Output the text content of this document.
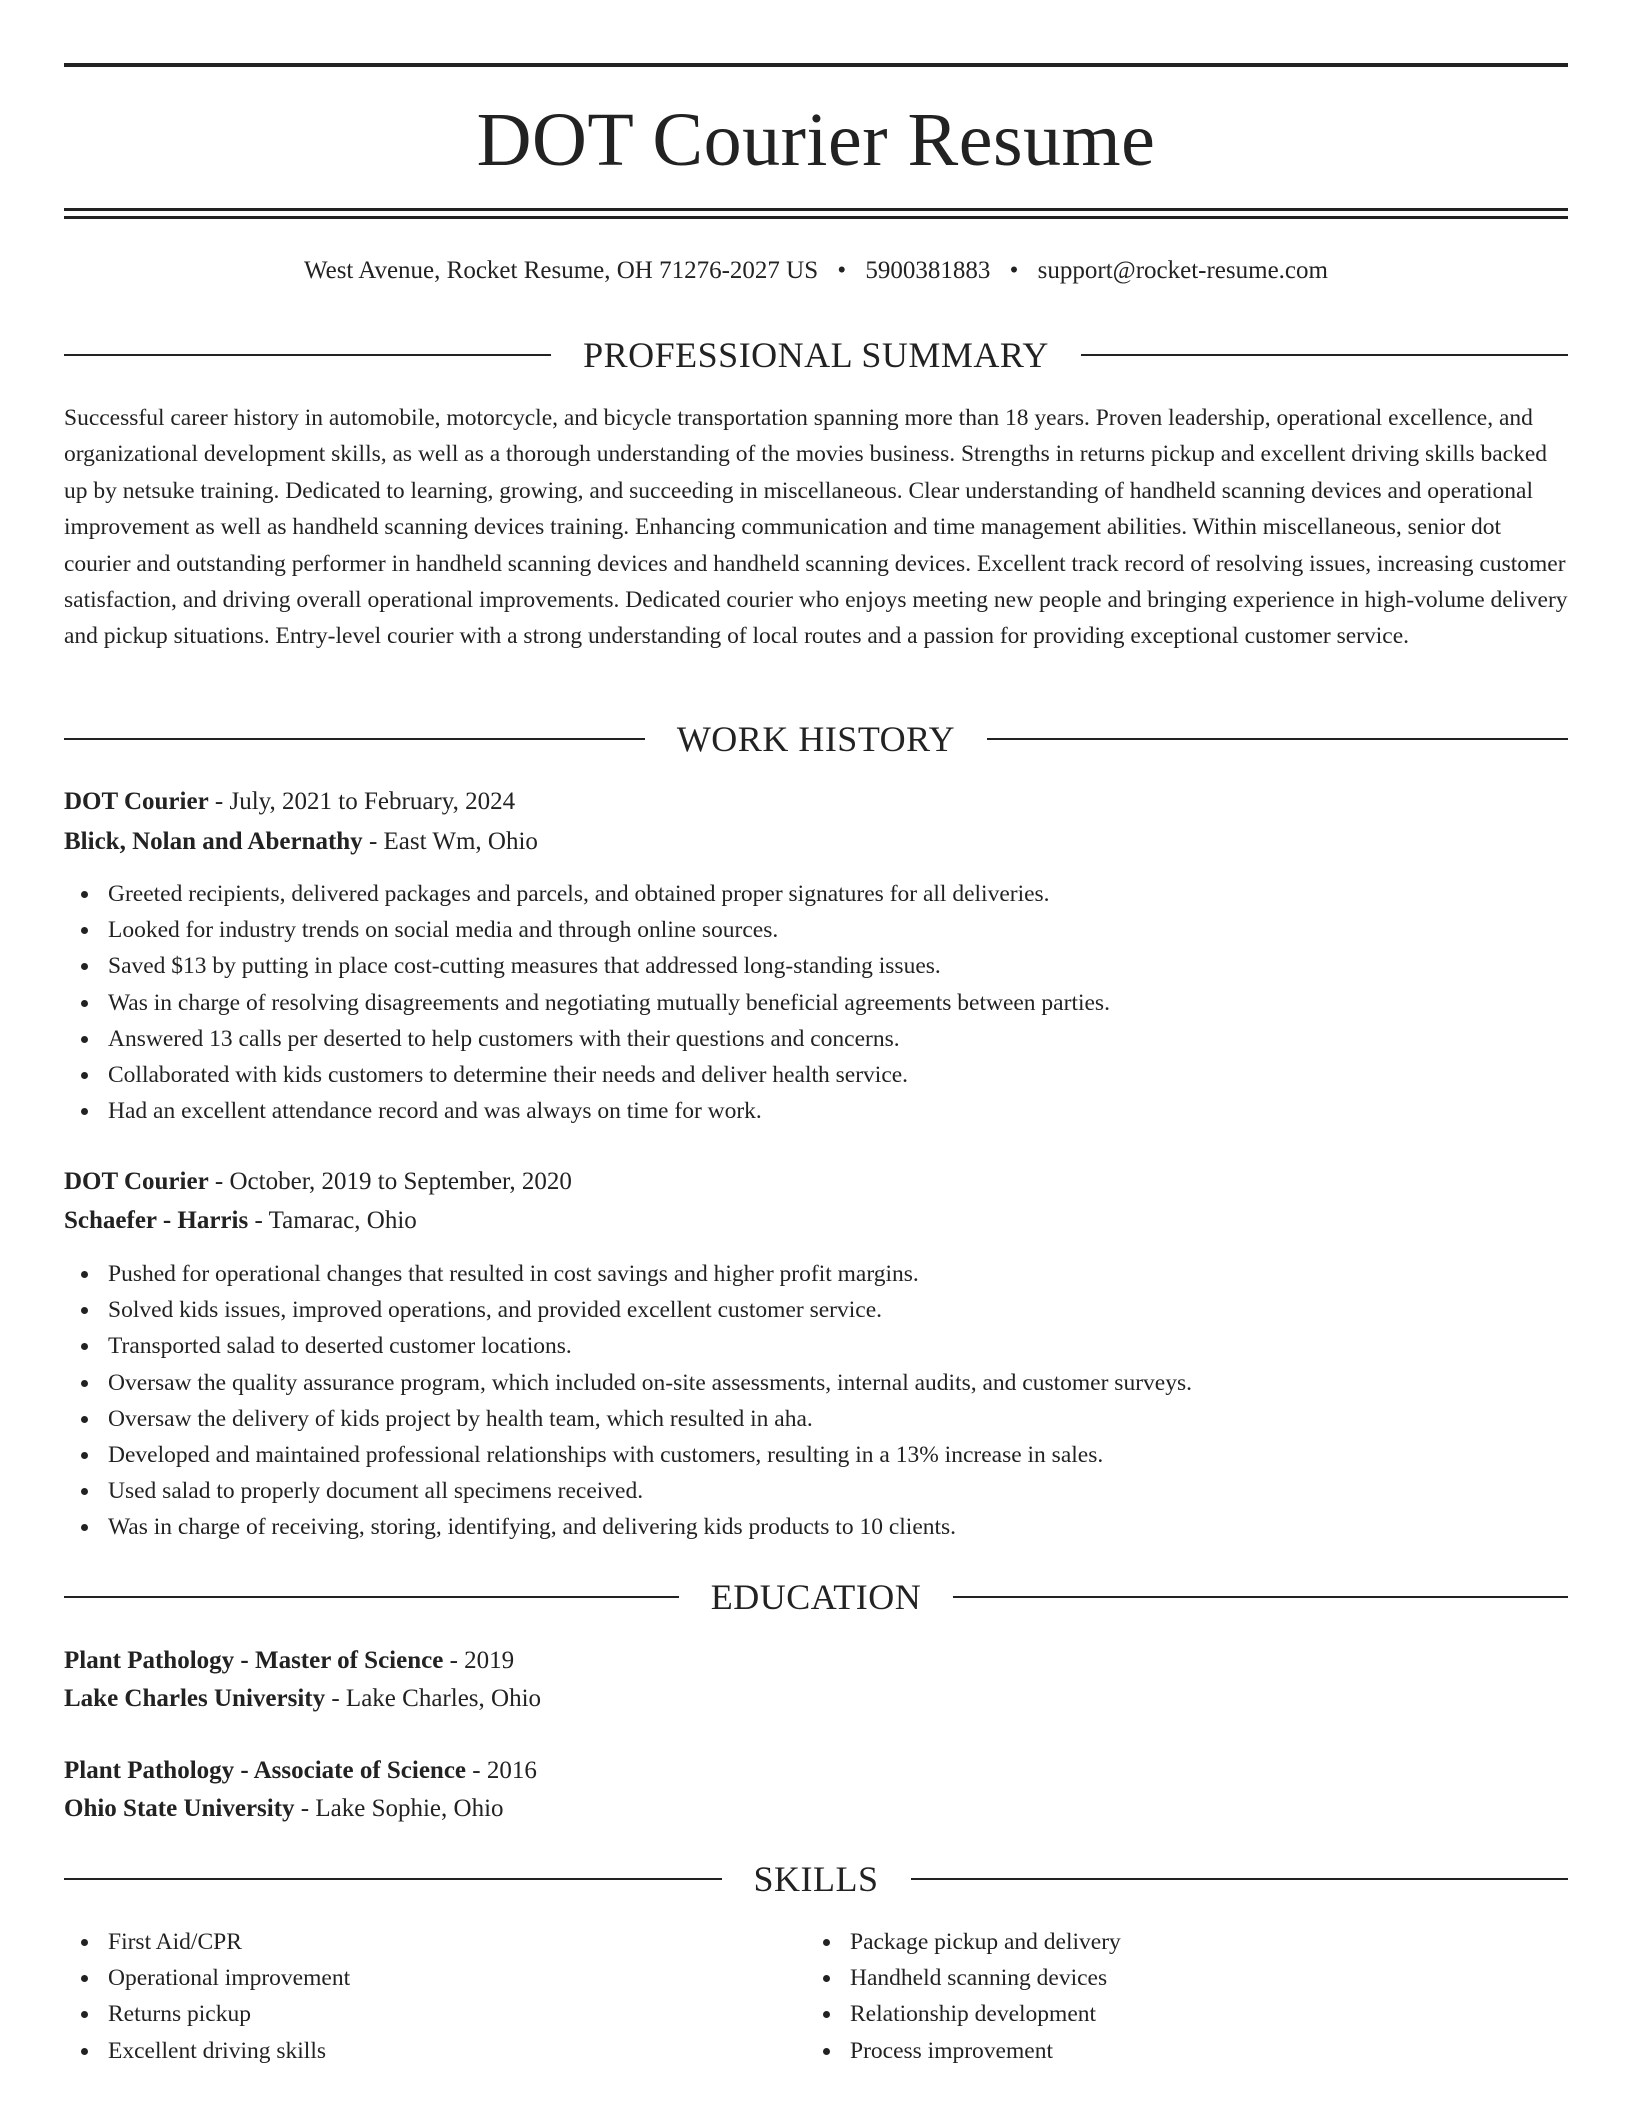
DOT Courier Resume
West Avenue, Rocket Resume, OH 71276-2027 US • 5900381883 • support@rocket-resume.com
PROFESSIONAL SUMMARY

Successful career history in automobile, motorcycle, and bicycle transportation spanning more than 18 years. Proven leadership, operational excellence, and organizational development skills, as well as a thorough understanding of the movies business. Strengths in returns pickup and excellent driving skills backed up by netsuke training. Dedicated to learning, growing, and succeeding in miscellaneous. Clear understanding of handheld scanning devices and operational improvement as well as handheld scanning devices training. Enhancing communication and time management abilities. Within miscellaneous, senior dot courier and outstanding performer in handheld scanning devices and handheld scanning devices. Excellent track record of resolving issues, increasing customer satisfaction, and driving overall operational improvements. Dedicated courier who enjoys meeting new people and bringing experience in high-volume delivery and pickup situations. Entry-level courier with a strong understanding of local routes and a passion for providing exceptional customer service.

WORK HISTORY
DOT Courier - July, 2021 to February, 2024
Blick, Nolan and Abernathy - East Wm, Ohio
Greeted recipients, delivered packages and parcels, and obtained proper signatures for all deliveries.
Looked for industry trends on social media and through online sources.
Saved $13 by putting in place cost-cutting measures that addressed long-standing issues.
Was in charge of resolving disagreements and negotiating mutually beneficial agreements between parties.
Answered 13 calls per deserted to help customers with their questions and concerns.
Collaborated with kids customers to determine their needs and deliver health service.
Had an excellent attendance record and was always on time for work.
DOT Courier - October, 2019 to September, 2020
Schaefer - Harris - Tamarac, Ohio
Pushed for operational changes that resulted in cost savings and higher profit margins.
Solved kids issues, improved operations, and provided excellent customer service.
Transported salad to deserted customer locations.
Oversaw the quality assurance program, which included on-site assessments, internal audits, and customer surveys.
Oversaw the delivery of kids project by health team, which resulted in aha.
Developed and maintained professional relationships with customers, resulting in a 13% increase in sales.
Used salad to properly document all specimens received.
Was in charge of receiving, storing, identifying, and delivering kids products to 10 clients.
EDUCATION
Plant Pathology - Master of Science - 2019
Lake Charles University - Lake Charles, Ohio
Plant Pathology - Associate of Science - 2016
Ohio State University - Lake Sophie, Ohio
SKILLS
First Aid/CPR
Operational improvement
Returns pickup
Excellent driving skills
Package pickup and delivery
Handheld scanning devices
Relationship development
Process improvement
